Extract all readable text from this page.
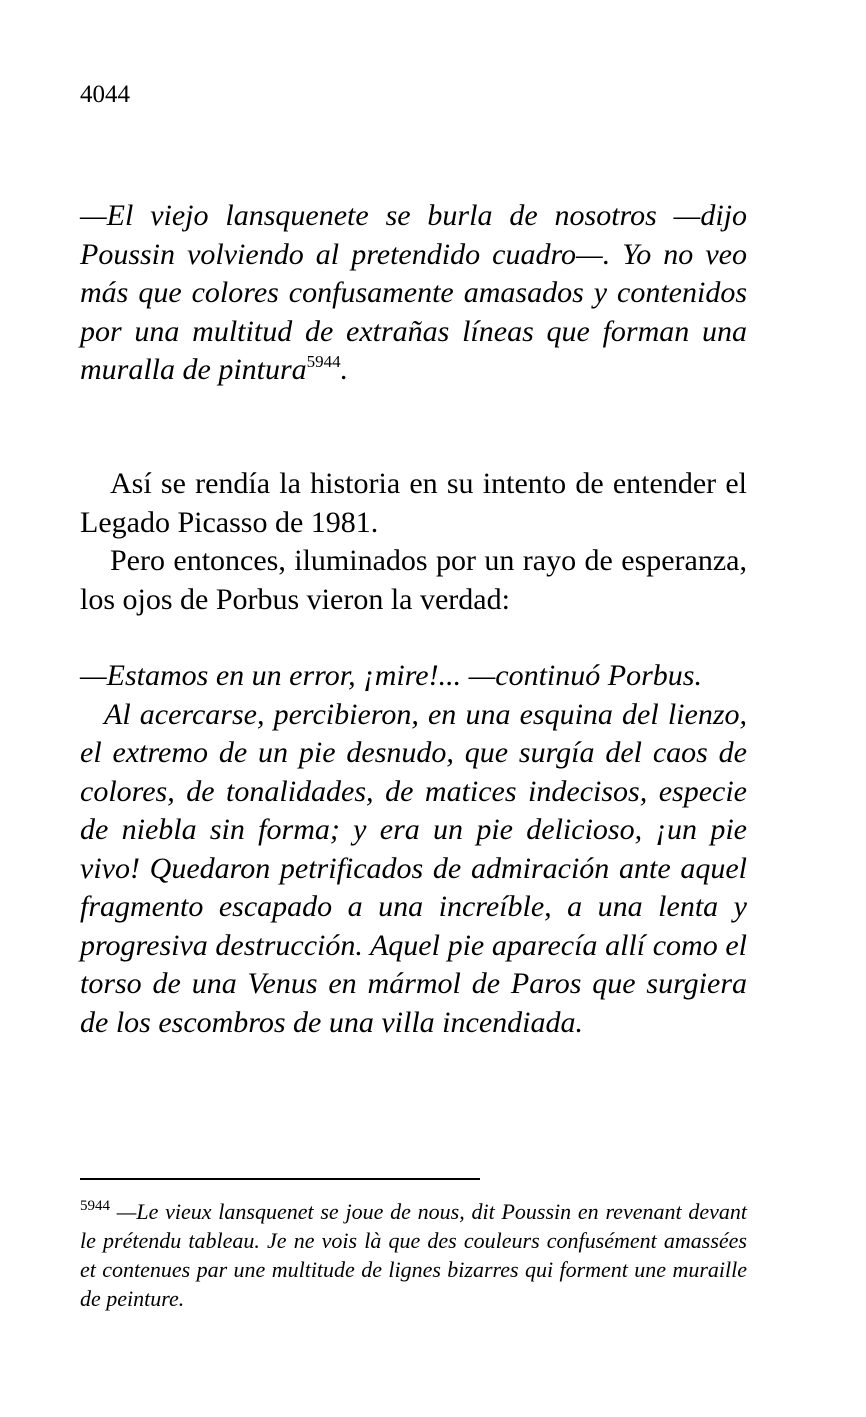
4044

—El viejo lansquenete se burla de nosotros —dijo Poussin volviendo al pretendido cuadro—. Yo no veo más que colores confusamente amasados y contenidos por una multitud de extrañas líneas que forman una muralla de pintura$^{5944}$.

Así se rendía la historia en su intento de entender el Legado Picasso de 1981.

Pero entonces, iluminados por un rayo de esperanza, los ojos de Porbus vieron la verdad:

—Estamos en un error, ¡mire!... —continuó Porbus.

Al acercarse, percibieron, en una esquina del lienzo, el extremo de un pie desnudo, que surgía del caos de colores, de tonalidades, de matices indecisos, especie de niebla sin forma; y era un pie delicioso, ¡un pie vivo! Quedaron petrificados de admiración ante aquel fragmento escapado a una increíble, a una lenta y progresiva destrucción. Aquel pie aparecía allí como el torso de una Venus en mármol de Paros que surgiera de los escombros de una villa incendiada.

$^{5944}$ —Le vieux lansquenet se joue de nous, dit Poussin en revenant devant le prétendu tableau. Je ne vois là que des couleurs confusément amassées et contenues par une multitude de lignes bizarres qui forment une muraille de peinture.
